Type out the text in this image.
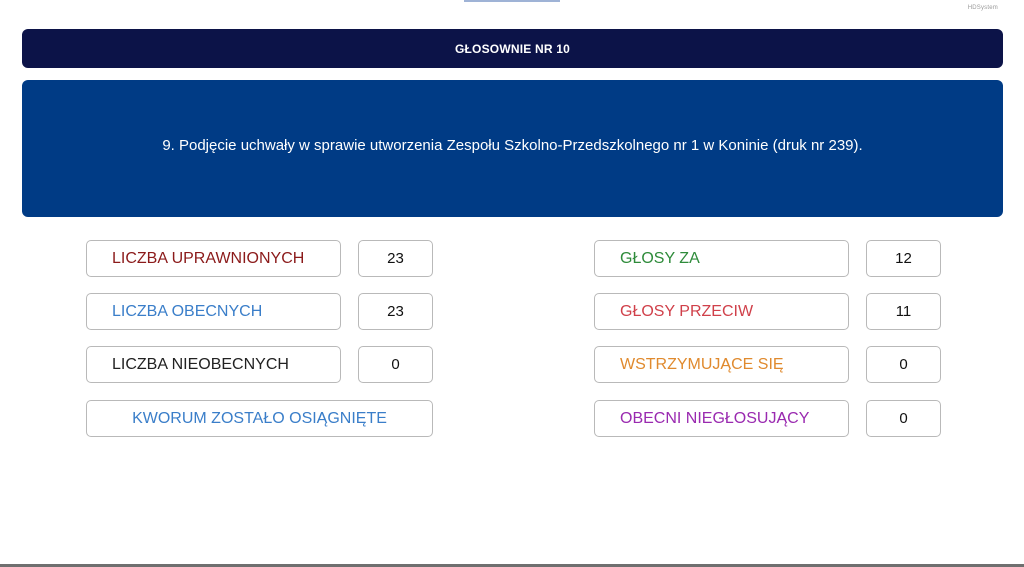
HDSystem
GŁOSOWNIE NR 10
9. Podjęcie uchwały w sprawie utworzenia Zespołu Szkolno-Przedszkolnego nr 1 w Koninie (druk nr 239).
LICZBA UPRAWNIONYCH	23
LICZBA OBECNYCH	23
LICZBA NIEOBECNYCH	0
KWORUM ZOSTAŁO OSIĄGNIĘTE
GŁOSY ZA	12
GŁOSY PRZECIW	11
WSTRZYMUJĄCE SIĘ	0
OBECNI NIEGŁOSUJĄCY	0
